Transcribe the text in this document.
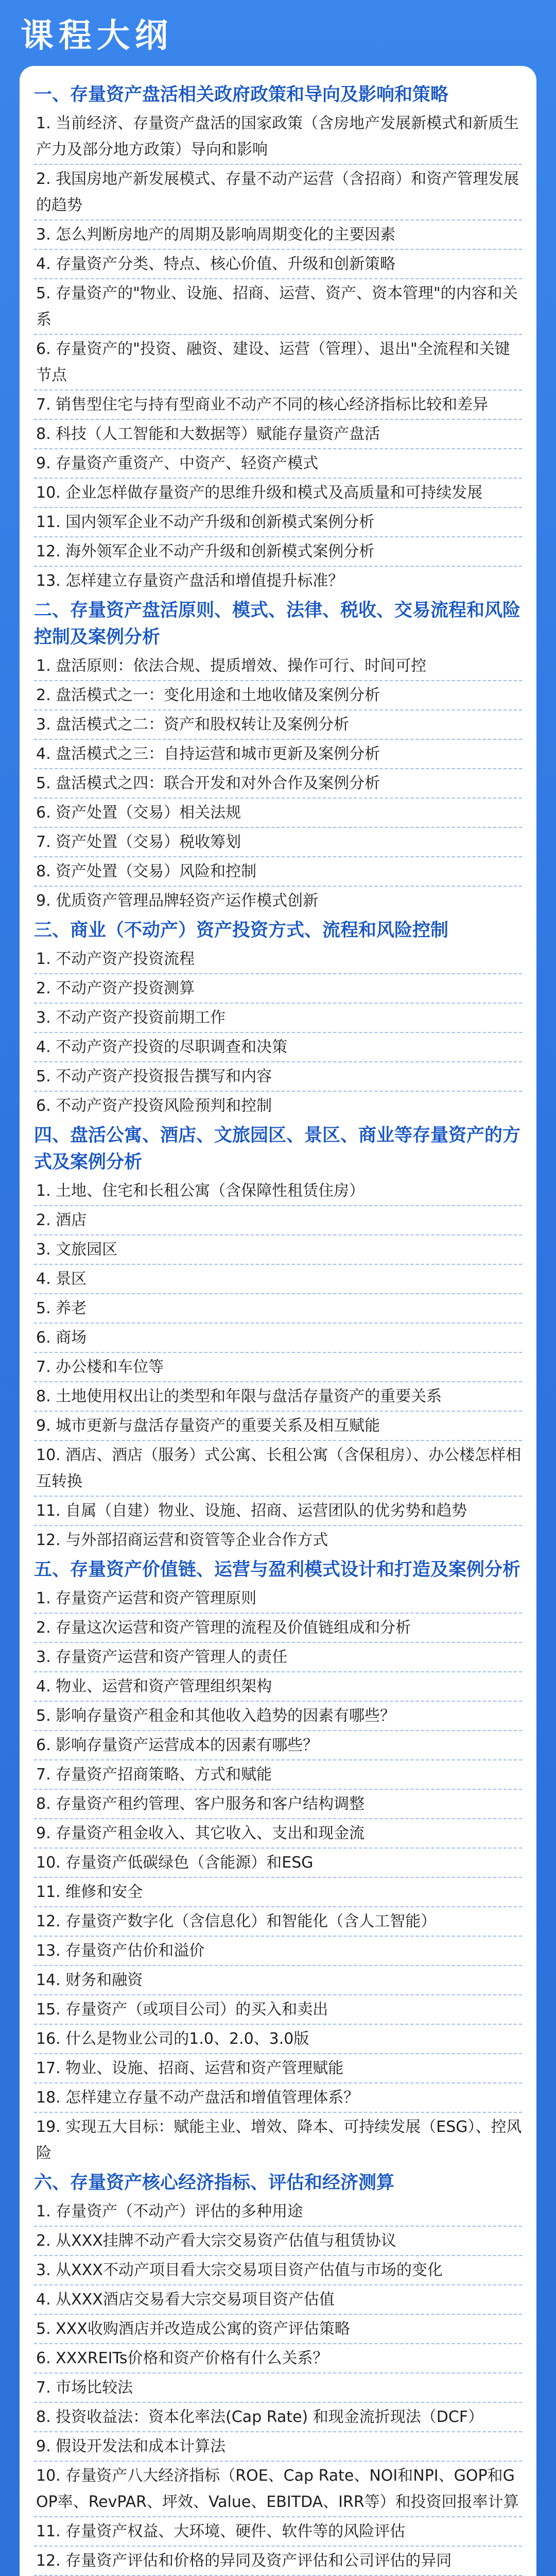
课程大纲
一、存量资产盘活相关政府政策和导向及影响和策略
1. 当前经济、存量资产盘活的国家政策（含房地产发展新模式和新质生产力及部分地方政策）导向和影响
2. 我国房地产新发展模式、存量不动产运营（含招商）和资产管理发展的趋势
3. 怎么判断房地产的周期及影响周期变化的主要因素
4. 存量资产分类、特点、核心价值、升级和创新策略
5. 存量资产的"物业、设施、招商、运营、资产、资本管理"的内容和关系
6. 存量资产的"投资、融资、建设、运营（管理）、退出"全流程和关键节点
7. 销售型住宅与持有型商业不动产不同的核心经济指标比较和差异
8. 科技（人工智能和大数据等）赋能存量资产盘活
9. 存量资产重资产、中资产、轻资产模式
10. 企业怎样做存量资产的思维升级和模式及高质量和可持续发展
11. 国内领军企业不动产升级和创新模式案例分析
12. 海外领军企业不动产升级和创新模式案例分析
13. 怎样建立存量资产盘活和增值提升标准？
二、存量资产盘活原则、模式、法律、税收、交易流程和风险控制及案例分析
1. 盘活原则：依法合规、提质增效、操作可行、时间可控
2. 盘活模式之一：变化用途和土地收储及案例分析
3. 盘活模式之二：资产和股权转让及案例分析
4. 盘活模式之三：自持运营和城市更新及案例分析
5. 盘活模式之四：联合开发和对外合作及案例分析
6. 资产处置（交易）相关法规
7. 资产处置（交易）税收筹划
8. 资产处置（交易）风险和控制
9. 优质资产管理品牌轻资产运作模式创新
三、商业（不动产）资产投资方式、流程和风险控制
1. 不动产资产投资流程
2. 不动产资产投资测算
3. 不动产资产投资前期工作
4. 不动产资产投资的尽职调查和决策
5. 不动产资产投资报告撰写和内容
6. 不动产资产投资风险预判和控制
四、盘活公寓、酒店、文旅园区、景区、商业等存量资产的方式及案例分析
1. 土地、住宅和长租公寓（含保障性租赁住房）
2. 酒店
3. 文旅园区
4. 景区
5. 养老
6. 商场
7. 办公楼和车位等
8. 土地使用权出让的类型和年限与盘活存量资产的重要关系
9. 城市更新与盘活存量资产的重要关系及相互赋能
10. 酒店、酒店（服务）式公寓、长租公寓（含保租房）、办公楼怎样相互转换
11. 自属（自建）物业、设施、招商、运营团队的优劣势和趋势
12. 与外部招商运营和资管等企业合作方式
五、存量资产价值链、运营与盈利模式设计和打造及案例分析
1. 存量资产运营和资产管理原则
2. 存量这次运营和资产管理的流程及价值链组成和分析
3. 存量资产运营和资产管理人的责任
4. 物业、运营和资产管理组织架构
5. 影响存量资产租金和其他收入趋势的因素有哪些？
6. 影响存量资产运营成本的因素有哪些？
7. 存量资产招商策略、方式和赋能
8. 存量资产租约管理、客户服务和客户结构调整
9. 存量资产租金收入、其它收入、支出和现金流
10. 存量资产低碳绿色（含能源）和ESG
11. 维修和安全
12. 存量资产数字化（含信息化）和智能化（含人工智能）
13. 存量资产估价和溢价
14. 财务和融资
15. 存量资产（或项目公司）的买入和卖出
16. 什么是物业公司的1.0、2.0、3.0版
17. 物业、设施、招商、运营和资产管理赋能
18. 怎样建立存量不动产盘活和增值管理体系？
19. 实现五大目标：赋能主业、增效、降本、可持续发展（ESG）、控风险
六、存量资产核心经济指标、评估和经济测算
1. 存量资产（不动产）评估的多种用途
2. 从XXX挂牌不动产看大宗交易资产估值与租赁协议
3. 从XXX不动产项目看大宗交易项目资产估值与市场的变化
4. 从XXX酒店交易看大宗交易项目资产估值
5. XXX收购酒店并改造成公寓的资产评估策略
6. XXXREITs价格和资产价格有什么关系？
7. 市场比较法
8. 投资收益法：资本化率法(Cap Rate) 和现金流折现法（DCF）
9. 假设开发法和成本计算法
10. 存量资产八大经济指标（ROE、Cap Rate、NOI和NPI、GOP和GOP率、RevPAR、坪效、Value、EBITDA、IRR等）和投资回报率计算
11. 存量资产权益、大环境、硬件、软件等的风险评估
12. 存量资产评估和价格的异同及资产评估和公司评估的异同
